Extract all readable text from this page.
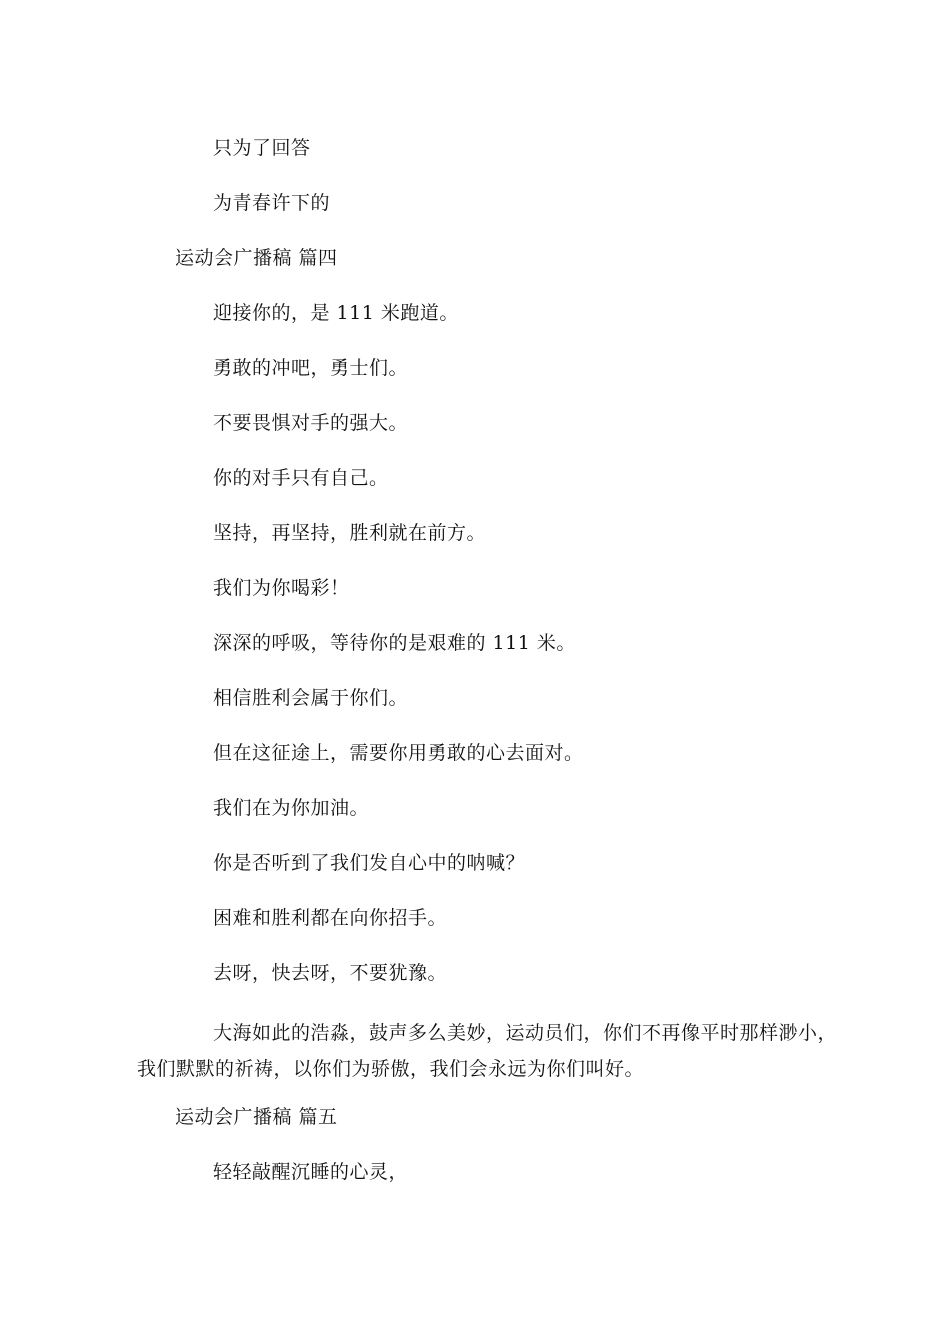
只为了回答

为青春许下的

运动会广播稿 篇四

迎接你的，是 111 米跑道。

勇敢的冲吧，勇士们。

不要畏惧对手的强大。

你的对手只有自己。

坚持，再坚持，胜利就在前方。

我们为你喝彩！

深深的呼吸，等待你的是艰难的 111 米。

相信胜利会属于你们。

但在这征途上，需要你用勇敢的心去面对。

我们在为你加油。

你是否听到了我们发自心中的呐喊？

困难和胜利都在向你招手。

去呀，快去呀，不要犹豫。

大海如此的浩淼，鼓声多么美妙，运动员们，你们不再像平时那样渺小，我们默默的祈祷，以你们为骄傲，我们会永远为你们叫好。

运动会广播稿 篇五

轻轻敲醒沉睡的心灵，
